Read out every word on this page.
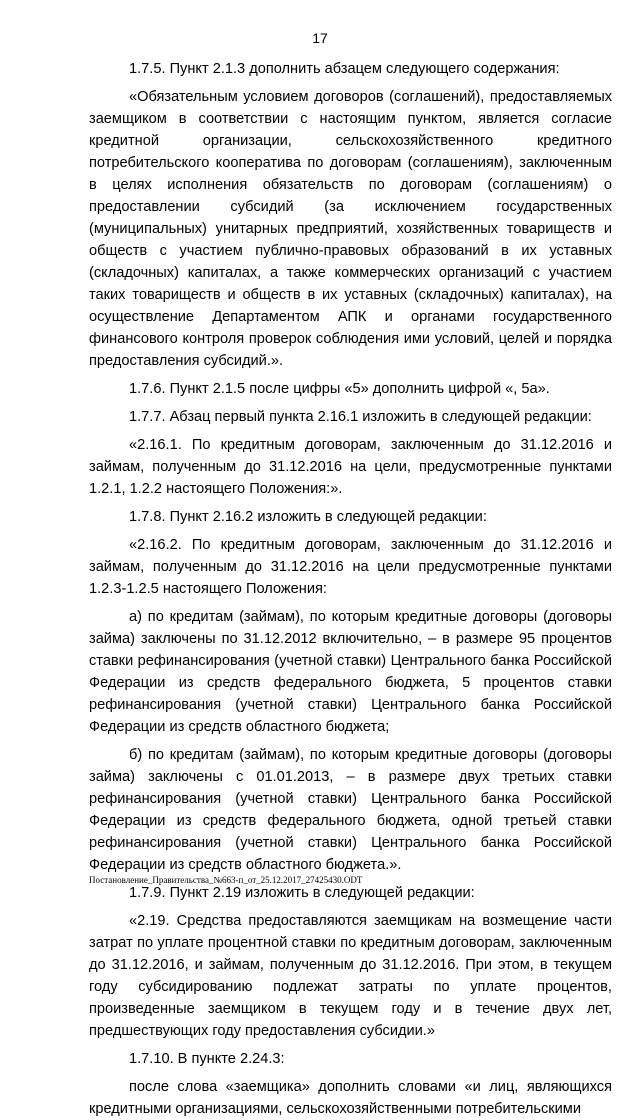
17

1.7.5. Пункт 2.1.3 дополнить абзацем следующего содержания:

«Обязательным условием договоров (соглашений), предоставляемых заемщиком в соответствии с настоящим пунктом, является согласие кредитной организации, сельскохозяйственного кредитного потребительского кооператива по договорам (соглашениям), заключенным в целях исполнения обязательств по договорам (соглашениям) о предоставлении субсидий (за исключением государственных (муниципальных) унитарных предприятий, хозяйственных товариществ и обществ с участием публично-правовых образований в их уставных (складочных) капиталах, а также коммерческих организаций с участием таких товариществ и обществ в их уставных (складочных) капиталах), на осуществление Департаментом АПК и органами государственного финансового контроля проверок соблюдения ими условий, целей и порядка предоставления субсидий.».

1.7.6. Пункт 2.1.5 после цифры «5» дополнить цифрой «, 5а».

1.7.7. Абзац первый пункта 2.16.1 изложить в следующей редакции:

«2.16.1. По кредитным договорам, заключенным до 31.12.2016 и займам, полученным до 31.12.2016 на цели, предусмотренные пунктами 1.2.1, 1.2.2 настоящего Положения:».

1.7.8. Пункт 2.16.2 изложить в следующей редакции:

«2.16.2. По кредитным договорам, заключенным до 31.12.2016 и займам, полученным до 31.12.2016 на цели предусмотренные пунктами 1.2.3-1.2.5 настоящего Положения:

а) по кредитам (займам), по которым кредитные договоры (договоры займа) заключены по 31.12.2012 включительно, – в размере 95 процентов ставки рефинансирования (учетной ставки) Центрального банка Российской Федерации из средств федерального бюджета, 5 процентов ставки рефинансирования (учетной ставки) Центрального банка Российской Федерации из средств областного бюджета;

б) по кредитам (займам), по которым кредитные договоры (договоры займа) заключены с 01.01.2013, – в размере двух третьих ставки рефинансирования (учетной ставки) Центрального банка Российской Федерации из средств федерального бюджета, одной третьей ставки рефинансирования (учетной ставки) Центрального банка Российской Федерации из средств областного бюджета.».

1.7.9. Пункт 2.19 изложить в следующей редакции:

«2.19. Средства предоставляются заемщикам на возмещение части затрат по уплате процентной ставки по кредитным договорам, заключенным до 31.12.2016, и займам, полученным до 31.12.2016. При этом, в текущем году субсидированию подлежат затраты по уплате процентов, произведенные заемщиком в текущем году и в течение двух лет, предшествующих году предоставления субсидии.»

1.7.10. В пункте 2.24.3:

после слова «заемщика» дополнить словами «и лиц, являющихся кредитными организациями, сельскохозяйственными потребительскими

Постановление_Правительства_№663-п_от_25.12.2017_27425430.ODT
